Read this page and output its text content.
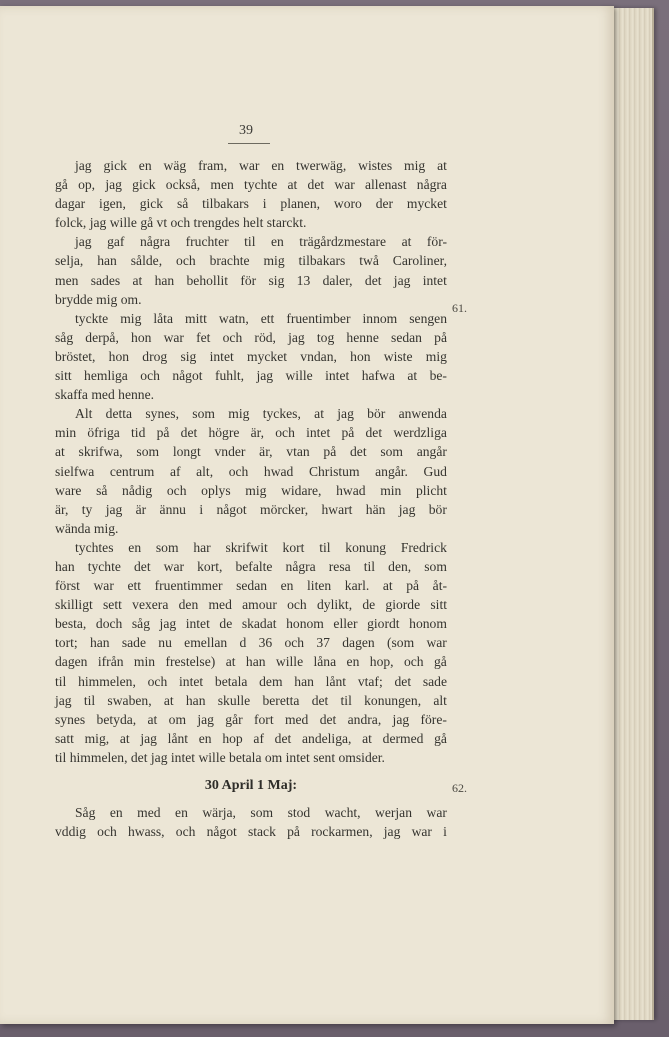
39
jag gick en wäg fram, war en twerwäg, wistes mig at
gå op, jag gick också, men tychte at det war allenast några
dagar igen, gick så tilbakars i planen, woro der mycket
folck, jag wille gå vt och trengdes helt starckt.
jag gaf några fruchter til en trägårdzmestare at för-
selja, han sålde, och brachte mig tilbakars twå Caroliner,
men sades at han behollit för sig 13 daler, det jag intet
brydde mig om.
tyckte mig låta mitt watn, ett fruentimber innom sengen
såg derpå, hon war fet och röd, jag tog henne sedan på
bröstet, hon drog sig intet mycket vndan, hon wiste mig
sitt hemliga och något fuhlt, jag wille intet hafwa at be-
skaffa med henne.
Alt detta synes, som mig tyckes, at jag bör anwenda
min öfriga tid på det högre är, och intet på det werdzliga
at skrifwa, som longt vnder är, vtan på det som angår
sielfwa centrum af alt, och hwad Christum angår. Gud
ware så nådig och oplys mig widare, hwad min plicht
är, ty jag är ännu i något mörcker, hwart hän jag bör
wända mig.
tychtes en som har skrifwit kort til konung Fredrick
han tychte det war kort, befalte några resa til den, som
först war ett fruentimmer sedan en liten karl. at på åt-
skilligt sett vexera den med amour och dylikt, de giorde sitt
besta, doch såg jag intet de skadat honom eller giordt honom
tort; han sade nu emellan d 36 och 37 dagen (som war
dagen ifrån min frestelse) at han wille låna en hop, och gå
til himmelen, och intet betala dem han lånt vtaf; det sade
jag til swaben, at han skulle beretta det til konungen, alt
synes betyda, at om jag går fort med det andra, jag före-
satt mig, at jag lånt en hop af det andeliga, at dermed gå
til himmelen, det jag intet wille betala om intet sent omsider.
61.
30 April 1 Maj:	62.
Såg en med en wärja, som stod wacht, werjan war
vddig och hwass, och något stack på rockarmen, jag war i
